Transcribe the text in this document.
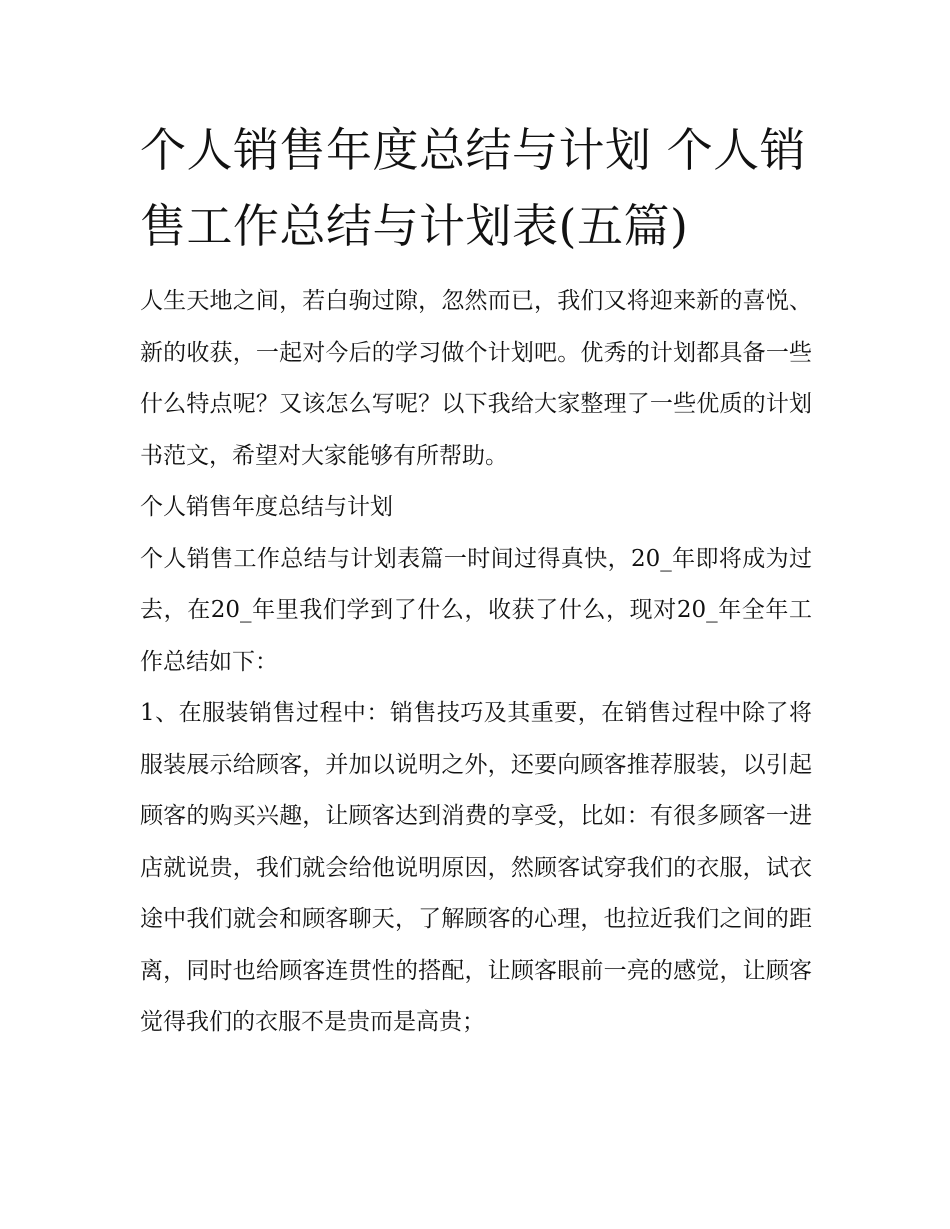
个人销售年度总结与计划 个人销售工作总结与计划表(五篇)

人生天地之间，若白驹过隙，忽然而已，我们又将迎来新的喜悦、新的收获，一起对今后的学习做个计划吧。优秀的计划都具备一些什么特点呢？又该怎么写呢？以下我给大家整理了一些优质的计划书范文，希望对大家能够有所帮助。

个人销售年度总结与计划

个人销售工作总结与计划表篇一时间过得真快，20_年即将成为过去，在20_年里我们学到了什么，收获了什么，现对20_年全年工作总结如下：

1、在服装销售过程中：销售技巧及其重要，在销售过程中除了将服装展示给顾客，并加以说明之外，还要向顾客推荐服装，以引起顾客的购买兴趣，让顾客达到消费的享受，比如：有很多顾客一进店就说贵，我们就会给他说明原因，然顾客试穿我们的衣服，试衣途中我们就会和顾客聊天，了解顾客的心理，也拉近我们之间的距离，同时也给顾客连贯性的搭配，让顾客眼前一亮的感觉，让顾客觉得我们的衣服不是贵而是高贵；
